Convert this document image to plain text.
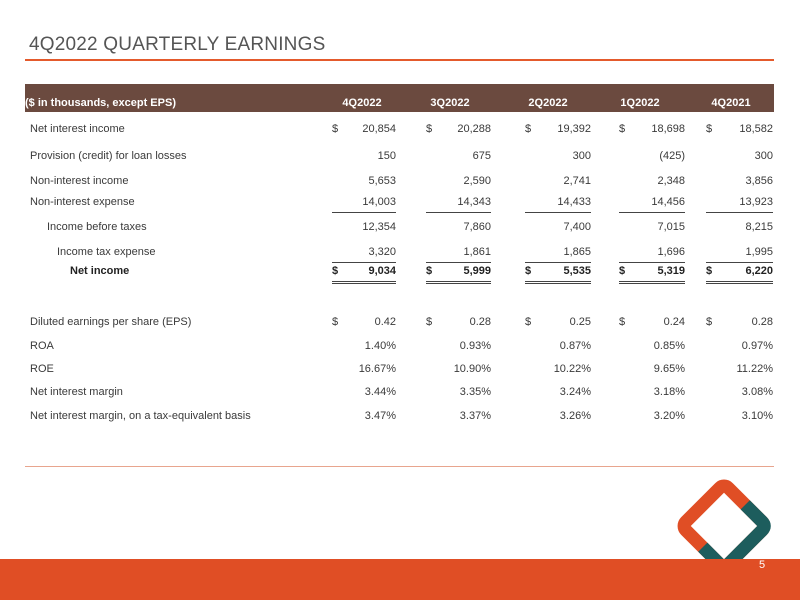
4Q2022 QUARTERLY EARNINGS
($ in thousands, except EPS)	4Q2022	3Q2022	2Q2022	1Q2022	4Q2021
Net interest income	$ 20,854	$ 20,288	$ 19,392	$ 18,698 $ 18,582
Provision (credit) for loan losses	150	675	300	(425)	300
Non-interest income	5,653	2,590	2,741	2,348	3,856
Non-interest expense	14,003	14,343	14,433	14,456	13,923
Income before taxes	12,354	7,860	7,400	7,015	8,215
Income tax expense	3,320	1,861	1,865	1,696	1,995
Net income	$	9,034	$	5,999	$	5,535	$	5,319 $	6,220
Diluted earnings per share (EPS)	$	0.42	$	0.28	$	0.25	$	0.24 $	0.28
ROA	1.40%	0.93%	0.87%	0.85%	0.97%
ROE	16.67%	10.90%	10.22%	9.65%	11.22%
Net interest margin	3.44%	3.35%	3.24%	3.18%	3.08%
Net interest margin, on a tax-equivalent basis	3.47%	3.37%	3.26%	3.20%	3.10%
5
